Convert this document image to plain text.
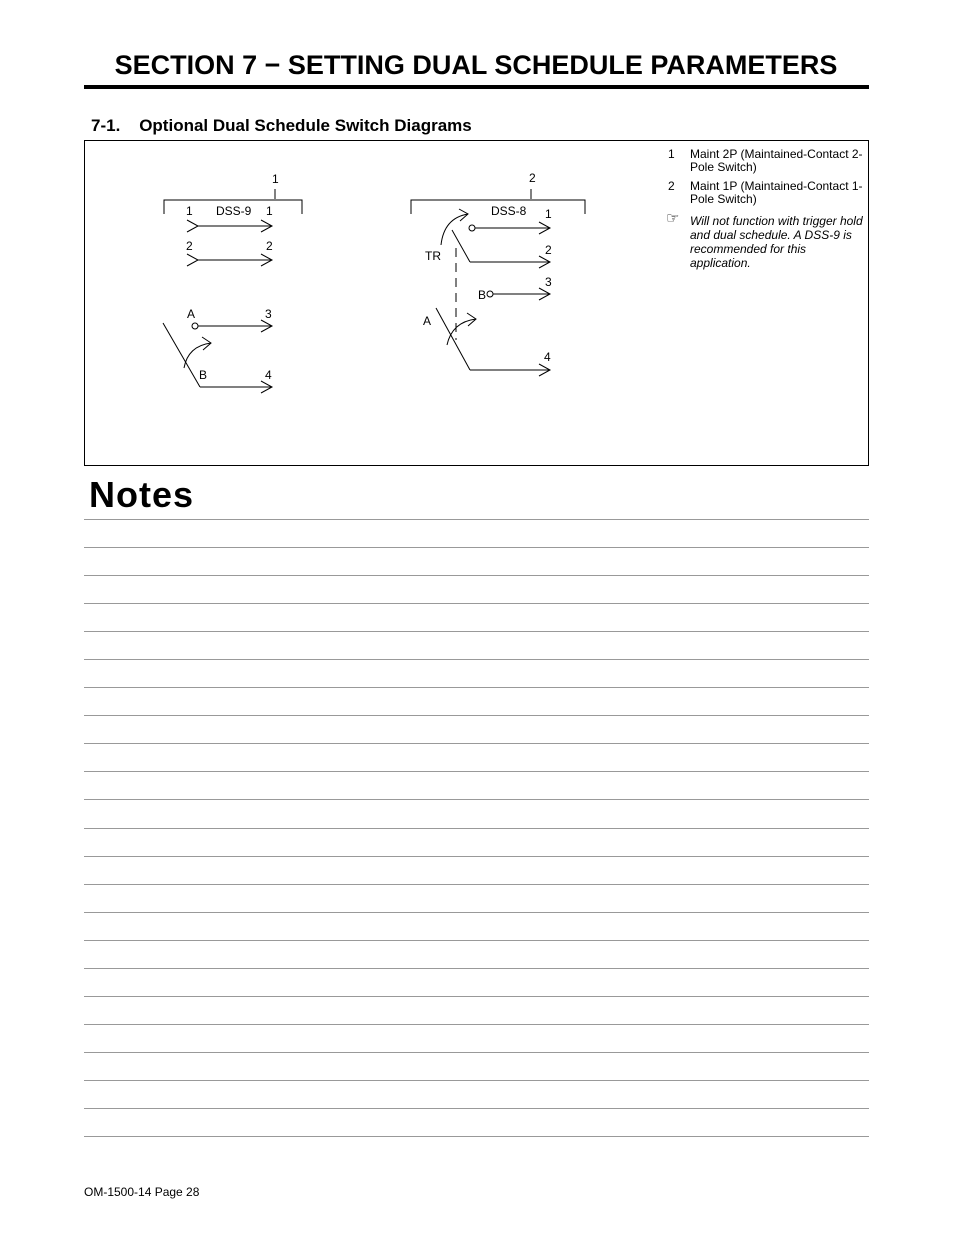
SECTION 7 − SETTING DUAL SCHEDULE PARAMETERS
7-1. Optional Dual Schedule Switch Diagrams
1
1 DSS-9 1
2	2
A	3
B	4
2
DSS-8 1
TR	2
3
B
A
4
1 Maint 2P (Maintained-Contact 2-Pole Switch)
2 Maint 1P (Maintained-Contact 1-Pole Switch)
☞ Will not function with trigger hold and dual schedule. A DSS-9 is recommended for this application.
Notes
OM-1500-14 Page 28
